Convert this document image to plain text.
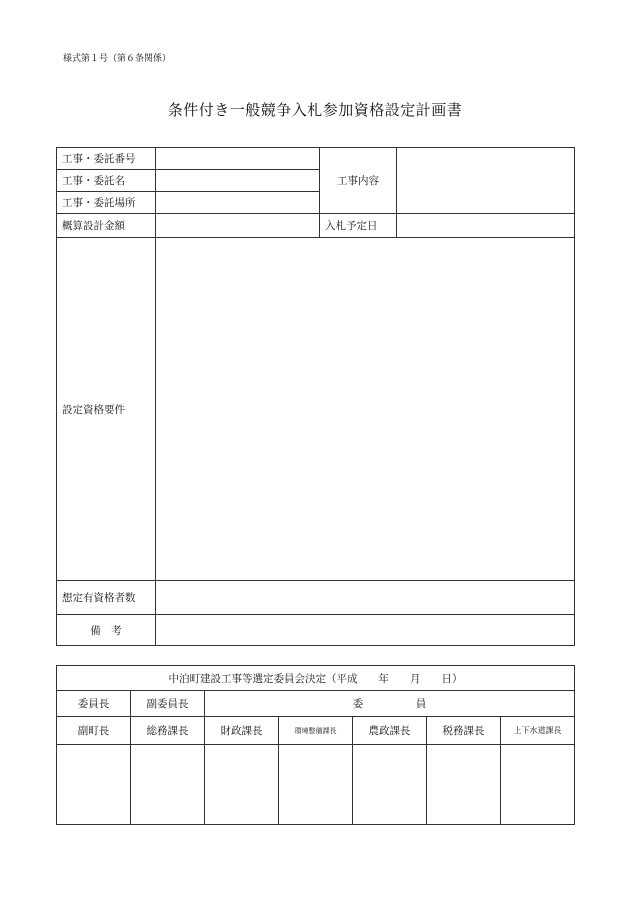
様式第１号（第６条関係）
条件付き一般競争入札参加資格設定計画書
工事・委託番号		工事内容	
工事・委託名			
工事・委託場所			
概算設計金額		入札予定日	
設定資格要件			
想定有資格者数			
備　考			
中泊町建設工事等選定委員会決定（平成　　年　　月　　日）						
委員長	副委員長	委　　　　　員				
副町長	総務課長	財政課長	環境整備課長	農政課長	税務課長	上下水道課長
